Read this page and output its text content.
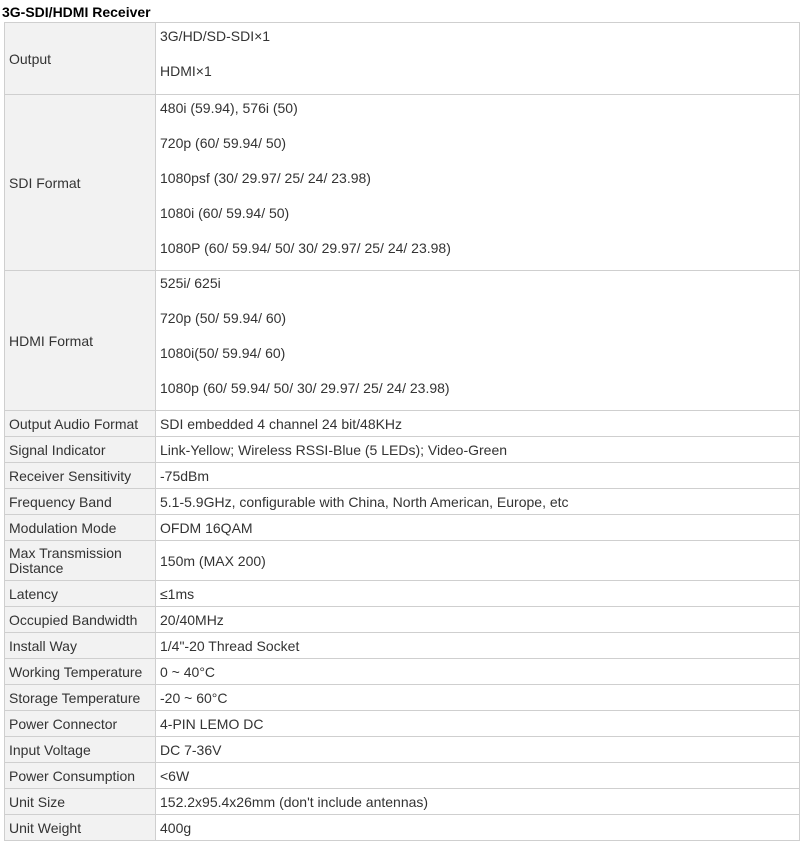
3G-SDI/HDMI Receiver
Output	3G/HD/SD-SDI×1
HDMI×1

SDI Format	480i (59.94), 576i (50)
720p (60/ 59.94/ 50)
1080psf (30/ 29.97/ 25/ 24/ 23.98)
1080i (60/ 59.94/ 50)
1080P (60/ 59.94/ 50/ 30/ 29.97/ 25/ 24/ 23.98)

HDMI Format	525i/ 625i
720p (50/ 59.94/ 60)
1080i(50/ 59.94/ 60)
1080p (60/ 59.94/ 50/ 30/ 29.97/ 25/ 24/ 23.98)

Output Audio Format	SDI embedded 4 channel 24 bit/48KHz
Signal Indicator	Link-Yellow; Wireless RSSI-Blue (5 LEDs); Video-Green
Receiver Sensitivity	-75dBm
Frequency Band	5.1-5.9GHz, configurable with China, North American, Europe, etc
Modulation Mode	OFDM 16QAM
Max Transmission Distance	150m (MAX 200)
Latency	≤1ms
Occupied Bandwidth	20/40MHz
Install Way	1/4"-20 Thread Socket
Working Temperature	0 ~ 40°C
Storage Temperature	-20 ~ 60°C
Power Connector	4-PIN LEMO DC
Input Voltage	DC 7-36V
Power Consumption	<6W
Unit Size	152.2x95.4x26mm (don't include antennas)
Unit Weight	400g
